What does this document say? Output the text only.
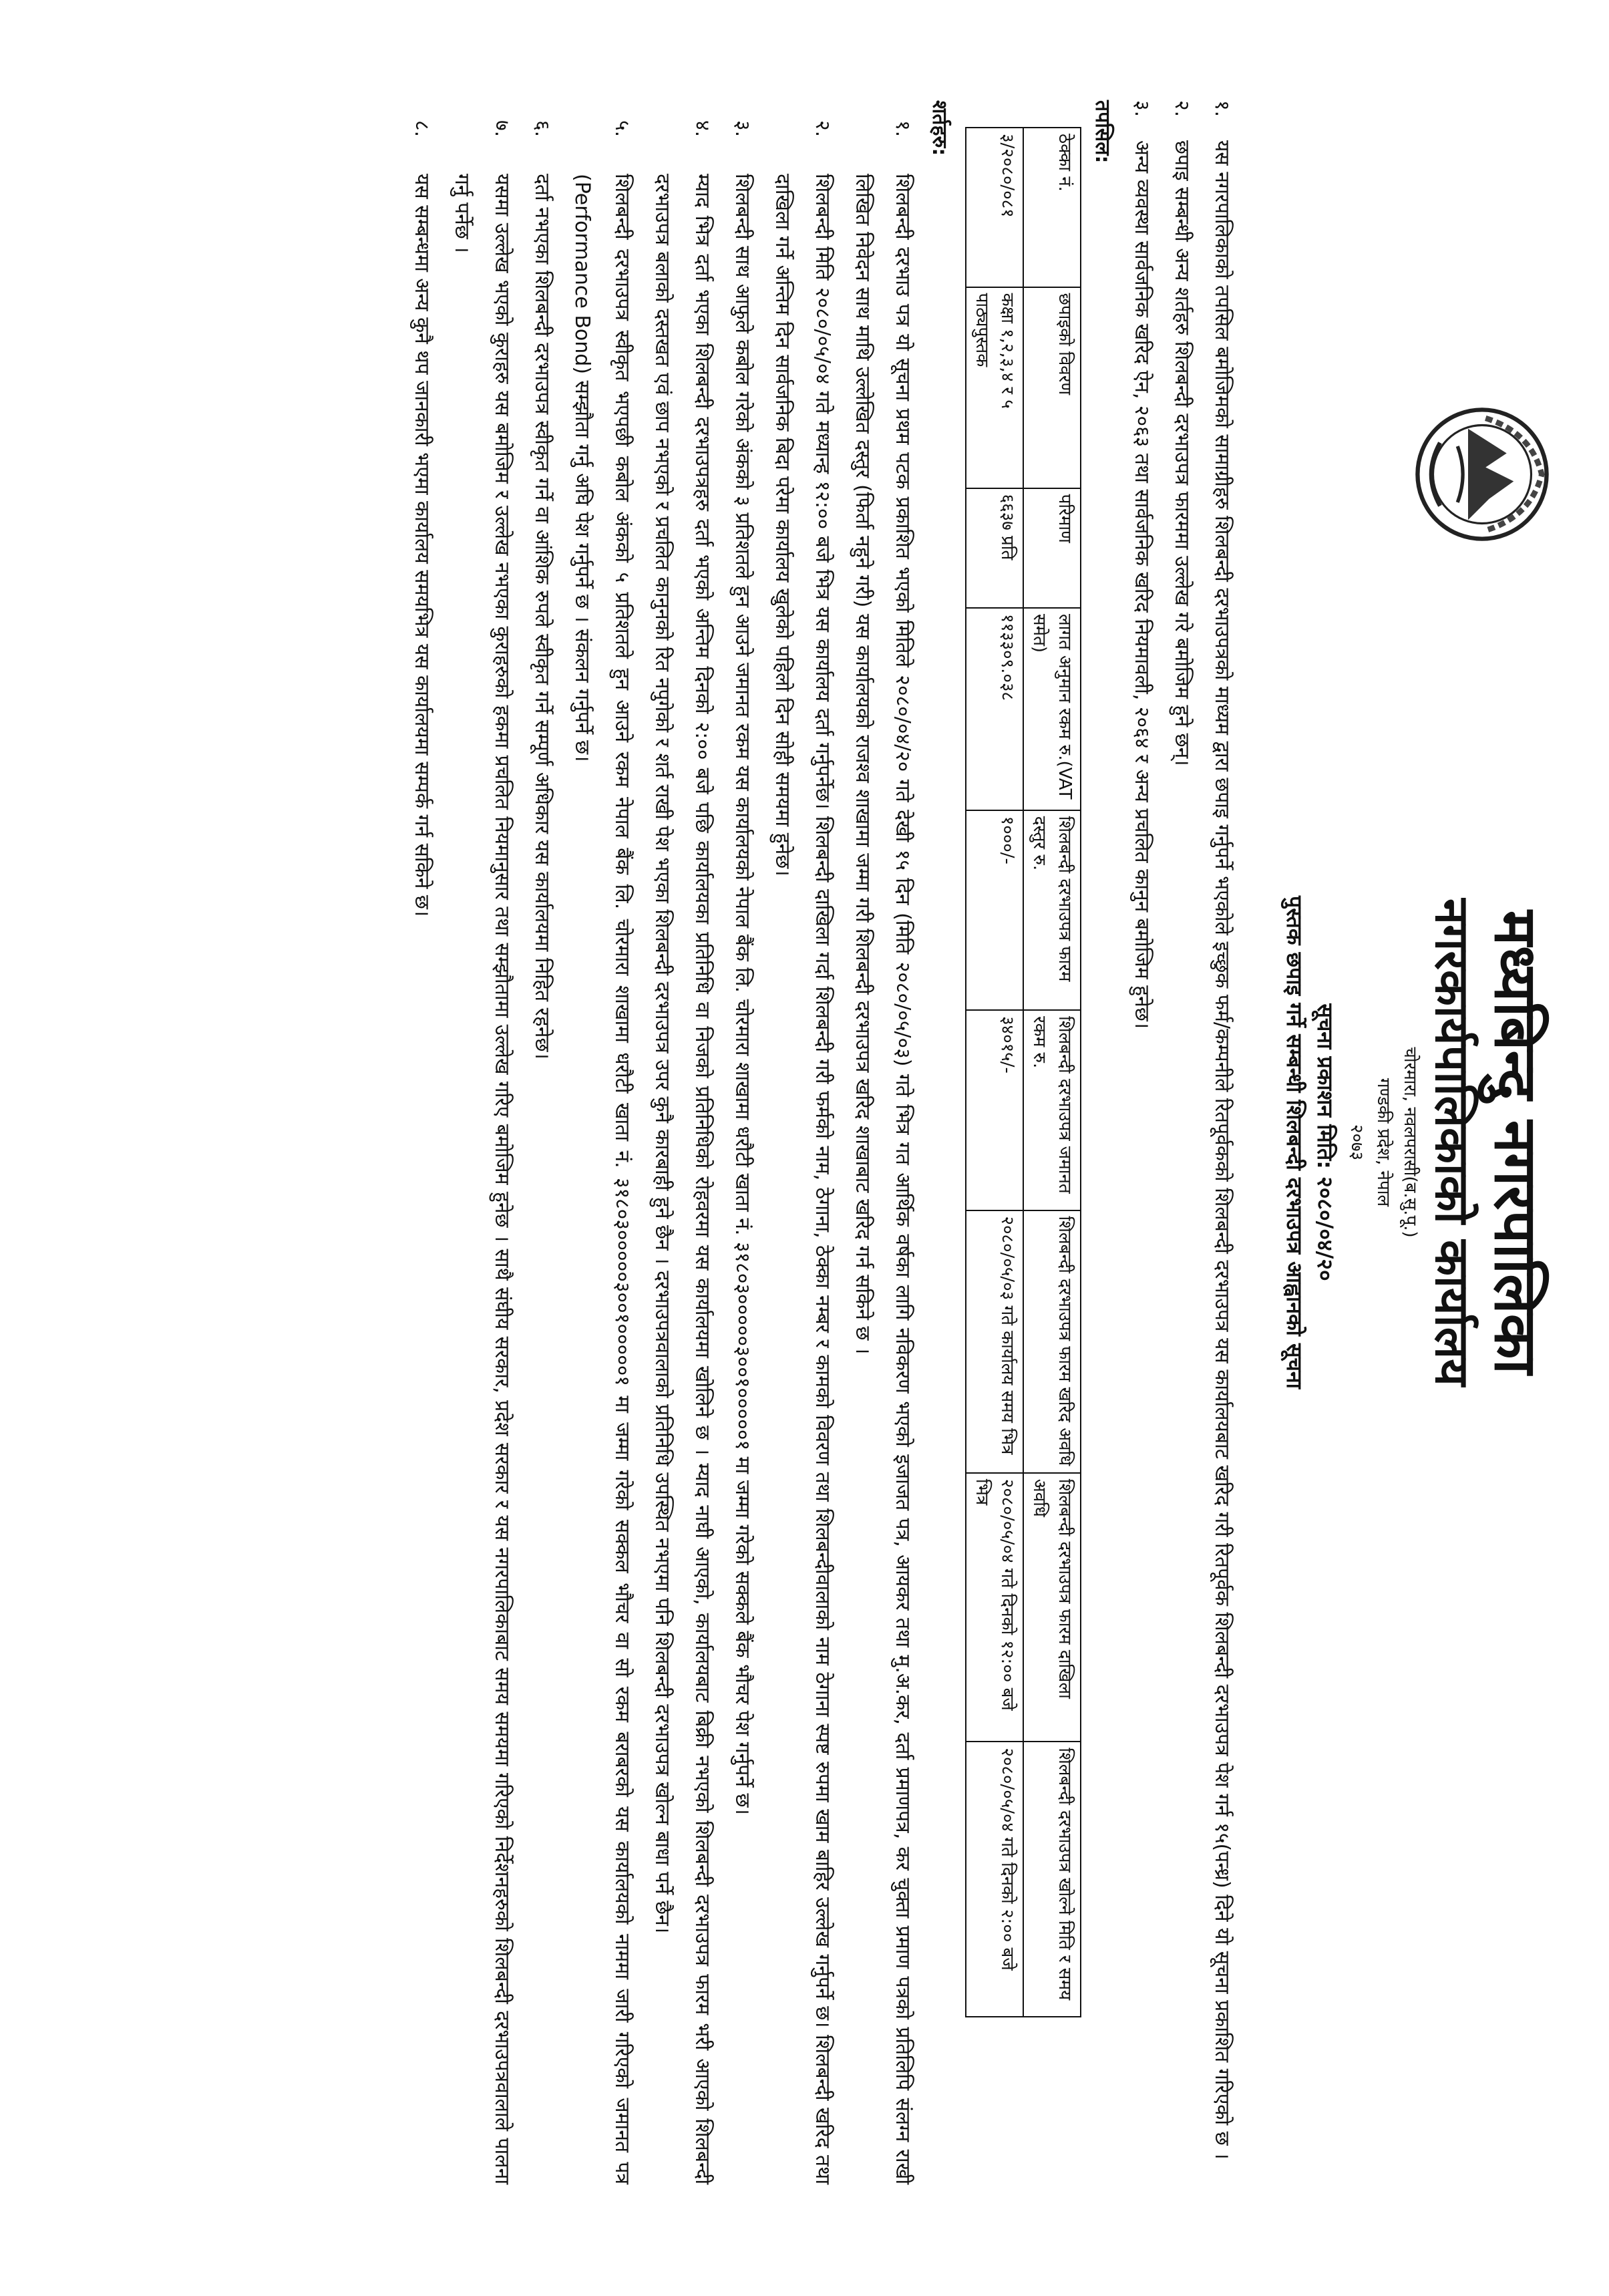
मध्यबिन्दु नगरपालिका
नगरकार्यपालिकाको कार्यालय
चोरमारा, नवलपरासी(ब.सु.पू.)
गण्डकी प्रदेश, नेपाल
२०७३
सूचना प्रकाशन मिति: २०८०/०४/२०
पुस्तक छपाइ गर्ने सम्बन्धी शिलबन्दी दरभाउपत्र आह्वानको सूचना
१.
यस नगरपालिकाको तपसिल बमोजिमको सामाग्रीहरु शिलबन्दी दरभाउपत्रको माध्यम द्वारा छपाइ गर्नुपर्ने भएकोले इच्छुक फर्म/कम्पनीले रितपूर्वकको शिलबन्दी दरभाउपत्र यस कार्यालयबाट खरिद गरी रितपूर्वक शिलबन्दी दरभाउपत्र पेश गर्न १५(पन्ध्र) दिने यो सूचना प्रकाशित गरिएको छ ।
२.
छपाइ सम्बन्धी अन्य शर्तहरु शिलबन्दी दरभाउपत्र फारममा उल्लेख गरे बमोजिम हुने छन्।
३.
अन्य व्यवस्था सार्वजनिक खरिद ऐन, २०६३ तथा सार्वजनिक खरिद नियमावली, २०६४ र अन्य प्रचलित कानुन बमोजिम हुनेछ।
तपसिल:
ठेक्का नं.	छपाइको विवरण	परिमाण	लागत अनुमान रकम रु.(VAT समेत)	शिलबन्दी दरभाउपत्र फारम दस्तुर रु.	शिलबन्दी दरभाउपत्र जमानत रकम रु.	शिलबन्दी दरभाउपत्र फारम खरिद अवधि	शिलबन्दी दरभाउपत्र फारम दाखिला अवधि	शिलबन्दी दरभाउपत्र खोल्ने मिति र समय
३/२०८०/०८१	कक्षा १,२,३,४ र ५ पाठ्यपुस्तक	६६३७ प्रति	११३३०९.०३८	१०००/-	३४०१५/-	२०८०/०५/०३ गते कार्यालय समय भित्र	२०८०/०५/०४ गते दिनको १२:०० बजे भित्र	२०८०/०५/०४ गते दिनको २:०० बजे
शर्तहरु:
१.
शिलबन्दी दरभाउ पत्र यो सूचना प्रथम पटक प्रकाशित भएको मितिले २०८०/०४/२० गते देखी १५ दिन (मिति २०८०/०५/०३) गते भित्र गत आर्थिक वर्षका लागि नविकरण भएको इजाजत पत्र, आयकर तथा मु.अ.कर, दर्ता प्रमाणपत्र, कर चुक्ता प्रमाण पत्रको प्रतिलिपि संलग्न राखी लिखित निवेदन साथ माथि उल्लेखित दस्तुर (फिर्ता नहुने गरी) यस कार्यालयको राजश्व शाखामा जम्मा गरी शिलबन्दी दरभाउपत्र खरिद शाखाबाट खरिद गर्न सकिने छ ।
२.
शिलबन्दी मिति २०८०/०५/०४ गते मध्यान्ह १२:०० बजे भित्र यस कार्यालय दर्ता गर्नुपर्नेछ। शिलबन्दी दाखिला गर्दा शिलबन्दी गरी फर्मको नाम, ठेगाना, ठेक्का नम्बर र कामको विवरण तथा शिलबन्दीवालाको नाम ठेगाना स्पष्ट रुपमा खाम बाहिर उल्लेख गर्नुपर्ने छ। शिलबन्दी खरिद तथा दाखिला गर्ने अन्तिम दिन सार्वजनिक बिदा परेमा कार्यालय खुलेको पहिलो दिन सोही समयमा हुनेछ।
३.
शिलबन्दी साथ आफुले कबोल गरेको अंकको ३ प्रतिशतले हुन आउने जमानत रकम यस कार्यालयको नेपाल बैंक लि. चोरमारा शाखामा धरौटी खाता नं. ३१८०३०००००३००१०००००१ मा जम्मा गरेको सक्कले बैंक भौचर पेश गर्नुपर्ने छ।
४.
म्याद भित्र दर्ता भएका शिलबन्दी दरभाउपत्रहरु दर्ता भएको अन्तिम दिनको २:०० बजे पछि कार्यालयका प्रतिनिधि वा निजको प्रतिनिधिको रोहवरमा यस कार्यालयमा खोलिने छ । म्याद नाघी आएको, कार्यालयबाट बिक्री नभएको शिलबन्दी दरभाउपत्र फारम भरी आएको शिलबन्दी दरभाउपत्र बलाको दस्तखत एवं छाप नभएको र प्रचलित कानुनको रित नपुगेको र शर्त राखी पेश भएका शिलबन्दी दरभाउपत्र उपर कुनै कारबाही हुने छैन । दरभाउपत्रवालाको प्रतिनिधि उपस्थित नभएमा पनि शिलबन्दी दरभाउपत्र खोल्न बाधा पर्ने छैन।
५.
शिलबन्दी दरभाउपत्र स्वीकृत भएपछी कबोल अंकको ५ प्रतिशतले हुन आउने रकम नेपाल बैंक लि. चोरमारा शाखामा धरौटी खाता नं. ३१८०३०००००३००१०००००१ मा जम्मा गरेको सक्कल भौचर वा सो रकम बराबरको यस कार्यालयको नाममा जारी गरिएको जमानत पत्र (Performance Bond) सम्झौता गर्नु अघि पेश गर्नुपर्ने छ । संकलन गर्नुपर्ने छ।
६.
दर्ता नभएका शिलबन्दी दरभाउपत्र स्वीकृत गर्ने वा आंशिक रुपले स्वीकृत गर्ने सम्पूर्ण अधिकार यस कार्यालयमा निहित रहनेछ।
७.
यसमा उल्लेख भएको कुराहरु यस बमोजिम र उल्लेख नभएका कुराहरुको हकमा प्रचलित नियमानुसार तथा सम्झौतामा उल्लेख गरिए बमोजिम हुनेछ । साथै संघीय सरकार, प्रदेश सरकार र यस नगरपालिकाबाट समय समयमा गरिएको निर्देशनहरुको शिलबन्दी दरभाउपत्रवालाले पालना गर्नु पर्नेछ ।
८.
यस सम्बन्धमा अन्य कुनै थप जानकारी भएमा कार्यालय समयभित्र यस कार्यालयमा सम्पर्क गर्न सकिने छ।
